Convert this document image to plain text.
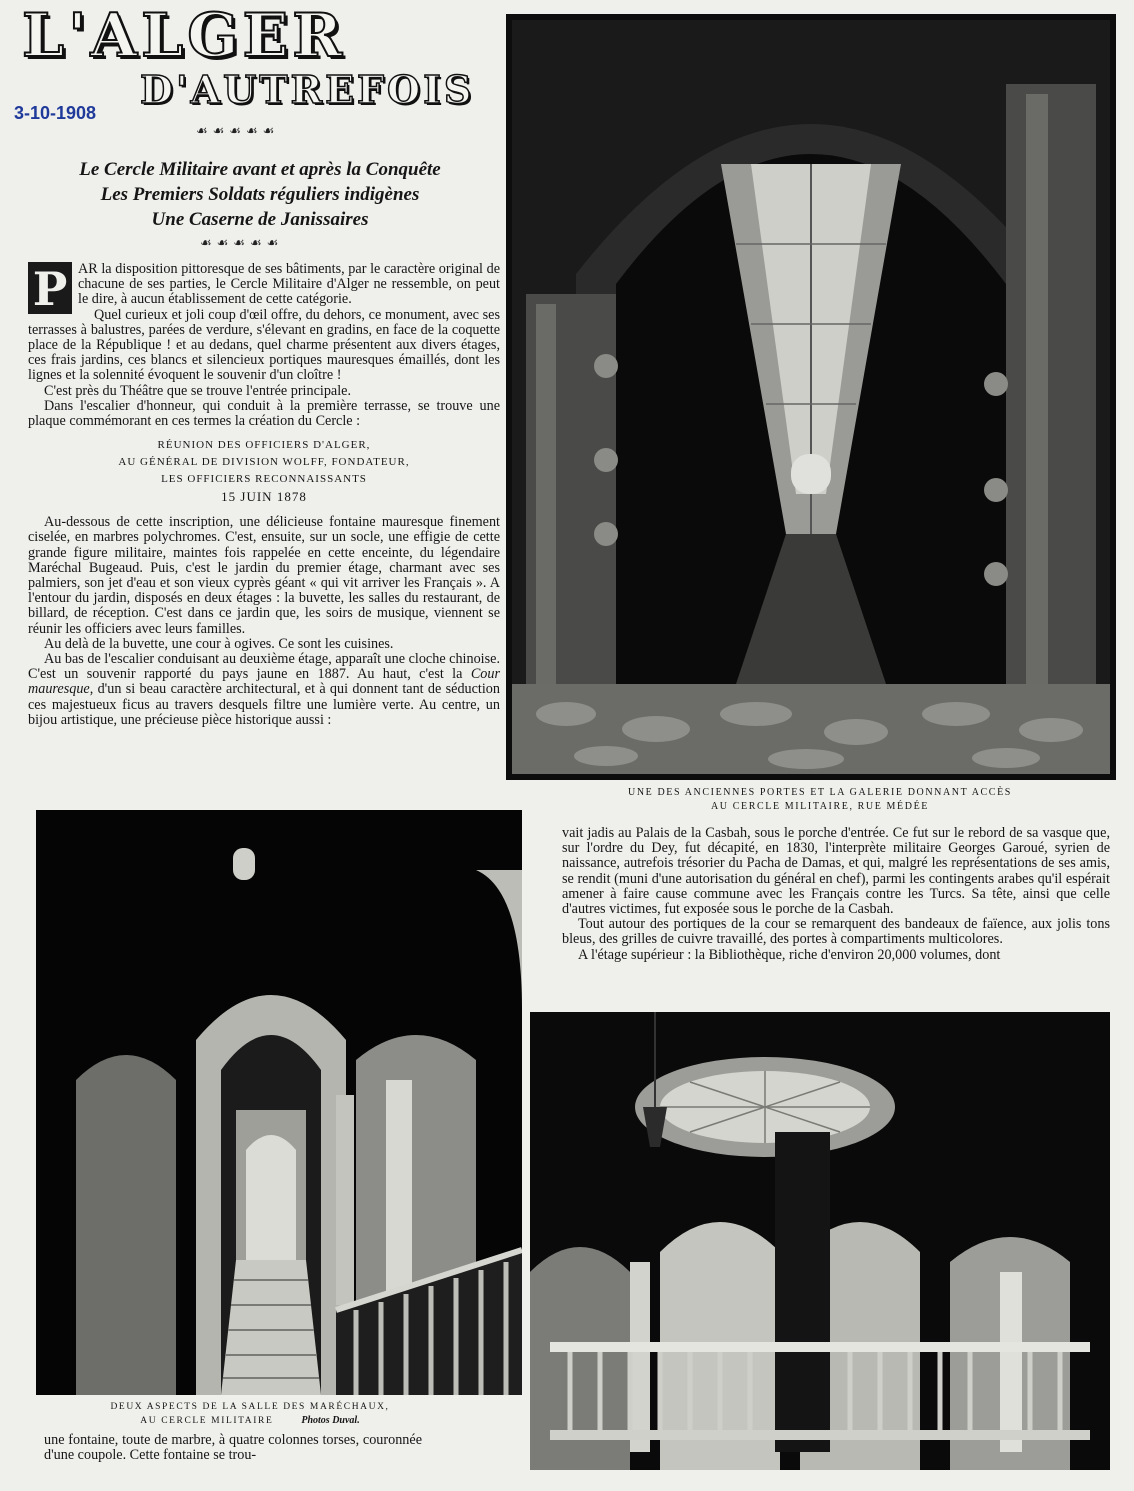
L'ALGER
D'AUTREFOIS
3-10-1908
☙☙☙☙☙
Le Cercle Militaire avant et après la Conquête
Les Premiers Soldats réguliers indigènes
Une Caserne de Janissaires
☙☙☙☙☙

P AR la disposition pittoresque de ses bâtiments, par le caractère original de chacune de ses parties, le Cercle Militaire d'Alger ne ressemble, on peut le dire, à aucun établissement de cette catégorie.

Quel curieux et joli coup d'œil offre, du dehors, ce monument, avec ses terrasses à balustres, parées de verdure, s'élevant en gradins, en face de la coquette place de la République ! et au dedans, quel charme présentent aux divers étages, ces frais jardins, ces blancs et silencieux portiques mauresques émaillés, dont les lignes et la solennité évoquent le souvenir d'un cloître !

C'est près du Théâtre que se trouve l'entrée principale.

Dans l'escalier d'honneur, qui conduit à la première terrasse, se trouve une plaque commémorant en ces termes la création du Cercle :

RÉUNION DES OFFICIERS D'ALGER,
AU GÉNÉRAL DE DIVISION WOLFF, FONDATEUR,
LES OFFICIERS RECONNAISSANTS
15 JUIN 1878

Au-dessous de cette inscription, une délicieuse fontaine mauresque finement ciselée, en marbres polychromes. C'est, ensuite, sur un socle, une effigie de cette grande figure militaire, maintes fois rappelée en cette enceinte, du légendaire Maréchal Bugeaud. Puis, c'est le jardin du premier étage, charmant avec ses palmiers, son jet d'eau et son vieux cyprès géant « qui vit arriver les Français ». A l'entour du jardin, disposés en deux étages : la buvette, les salles du restaurant, de billard, de réception. C'est dans ce jardin que, les soirs de musique, viennent se réunir les officiers avec leurs familles.

Au delà de la buvette, une cour à ogives. Ce sont les cuisines.

Au bas de l'escalier conduisant au deuxième étage, apparaît une cloche chinoise. C'est un souvenir rapporté du pays jaune en 1887. Au haut, c'est la Cour mauresque, d'un si beau caractère architectural, et à qui donnent tant de séduction ces majestueux ficus au travers desquels filtre une lumière verte. Au centre, un bijou artistique, une précieuse pièce historique aussi :

UNE DES ANCIENNES PORTES ET LA GALERIE DONNANT ACCÈS
AU CERCLE MILITAIRE, RUE MÉDÉE

vait jadis au Palais de la Casbah, sous le porche d'entrée. Ce fut sur le rebord de sa vasque que, sur l'ordre du Dey, fut décapité, en 1830, l'interprète militaire Georges Garoué, syrien de naissance, autrefois trésorier du Pacha de Damas, et qui, malgré les représentations de ses amis, se rendit (muni d'une autorisation du général en chef), parmi les contingents arabes qu'il espérait amener à faire cause commune avec les Français contre les Turcs. Sa tête, ainsi que celle d'autres victimes, fut exposée sous le porche de la Casbah.

Tout autour des portiques de la cour se remarquent des bandeaux de faïence, aux jolis tons bleus, des grilles de cuivre travaillé, des portes à compartiments multicolores.

A l'étage supérieur : la Bibliothèque, riche d'environ 20,000 volumes, dont

DEUX ASPECTS DE LA SALLE DES MARÉCHAUX,
AU CERCLE MILITAIRE	Photos Duval.

une fontaine, toute de marbre, à quatre colonnes torses, couronnée d'une coupole. Cette fontaine se trou-
